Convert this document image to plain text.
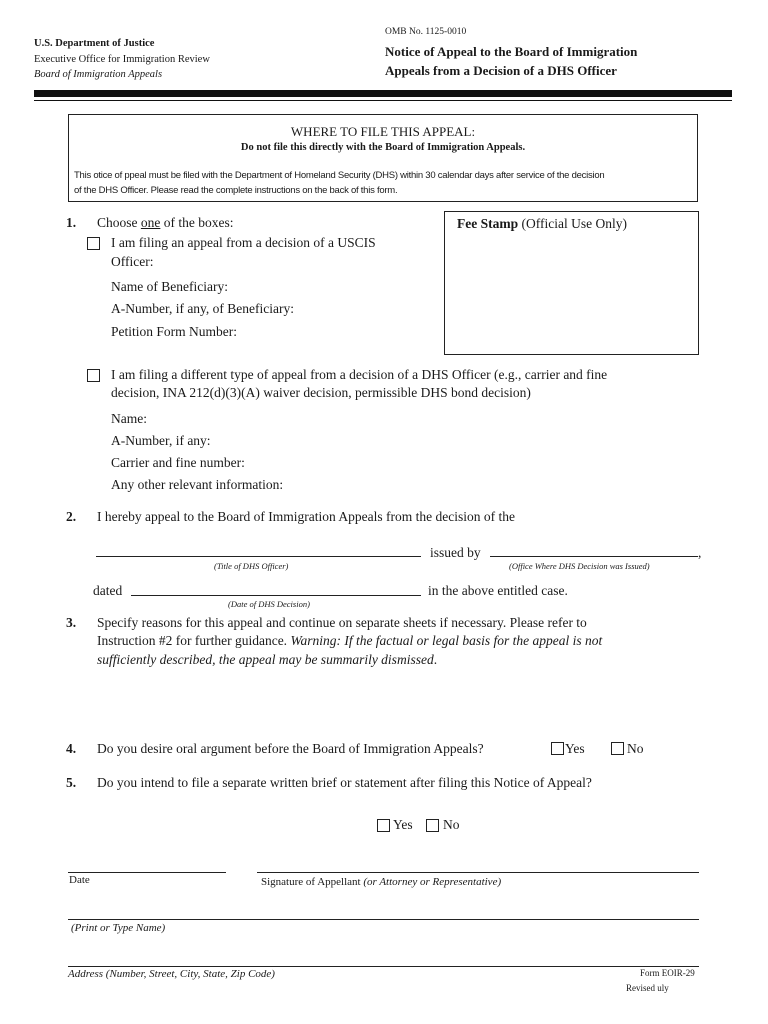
U.S. Department of Justice
Executive Office for Immigration Review
Board of Immigration Appeals
OMB No. 1125-0010
Notice of Appeal to the Board of Immigration
Appeals from a Decision of a DHS Officer
WHERE TO FILE THIS APPEAL:
Do not file this directly with the Board of Immigration Appeals.
This otice of ppeal must be filed with the Department of Homeland Security (DHS) within 30 calendar days after service of the decision
of the DHS Officer. Please read the complete instructions on the back of this form.
1. Choose one of the boxes:	Fee Stamp (Official Use Only)
I am filing an appeal from a decision of a USCIS
Officer:
Name of Beneficiary:
A-Number, if any, of Beneficiary:
Petition Form Number:
I am filing a different type of appeal from a decision of a DHS Officer (e.g., carrier and fine
decision, INA 212(d)(3)(A) waiver decision, permissible DHS bond decision)
Name:
A-Number, if any:
Carrier and fine number:
Any other relevant information:
2. I hereby appeal to the Board of Immigration Appeals from the decision of the
issued by	,
(Title of DHS Officer)	(Office Where DHS Decision was Issued)
dated	in the above entitled case.
(Date of DHS Decision)
3. Specify reasons for this appeal and continue on separate sheets if necessary. Please refer to
Instruction #2 for further guidance. Warning: If the factual or legal basis for the appeal is not
sufficiently described, the appeal may be summarily dismissed.
4. Do you desire oral argument before the Board of Immigration Appeals?	Yes	No
5. Do you intend to file a separate written brief or statement after filing this Notice of Appeal?
Yes No
Date	Signature of Appellant (or Attorney or Representative)
(Print or Type Name)
Address (Number, Street, City, State, Zip Code)	Form EOIR-29
Revised uly
